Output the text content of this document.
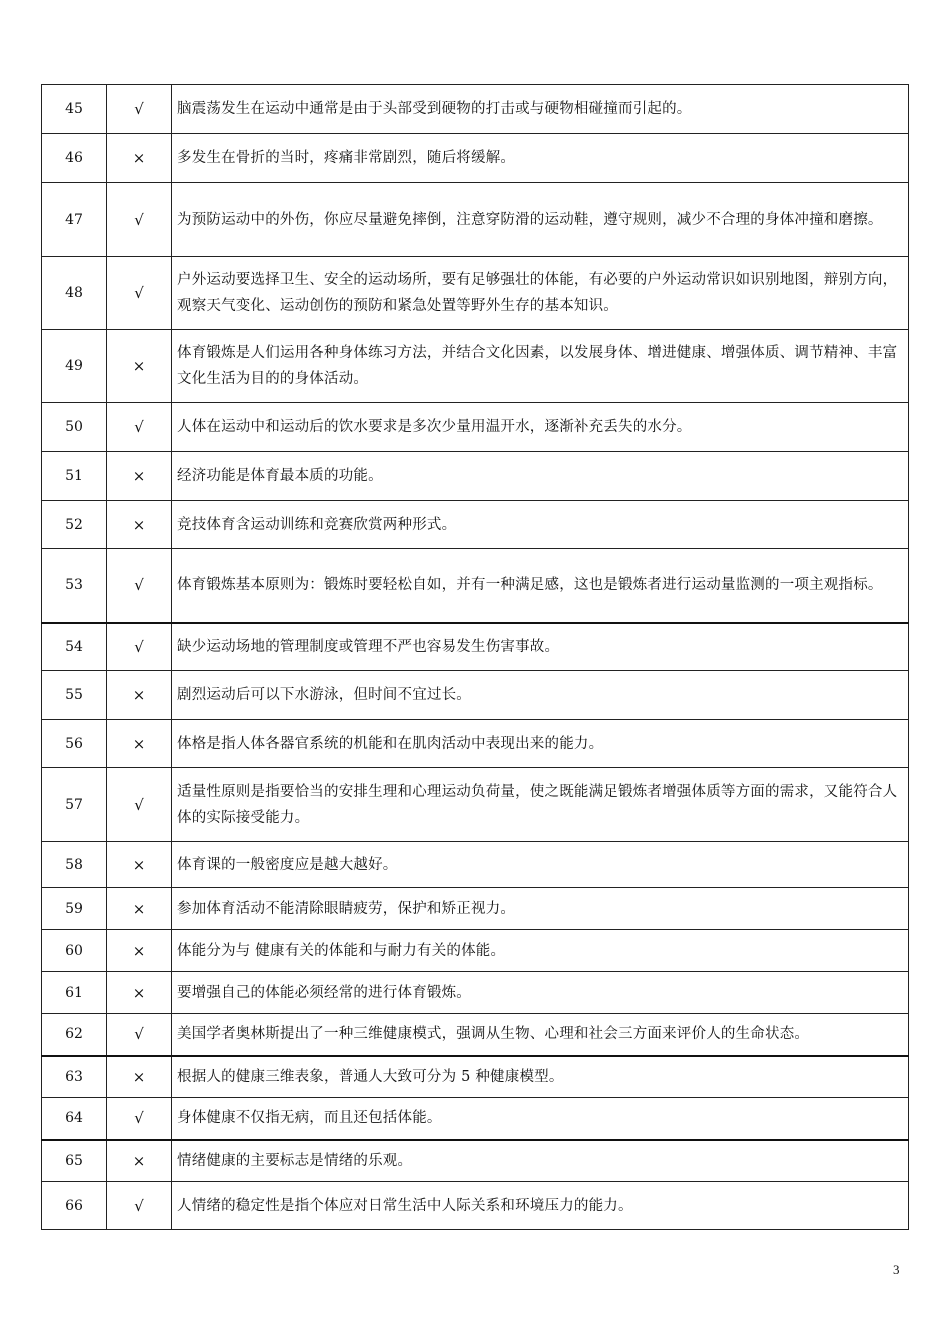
45	√	脑震荡发生在运动中通常是由于头部受到硬物的打击或与硬物相碰撞而引起的。
46	×	多发生在骨折的当时，疼痛非常剧烈，随后将缓解。
47	√	为预防运动中的外伤，你应尽量避免摔倒，注意穿防滑的运动鞋，遵守规则，减少不合理的身体冲撞和磨擦。
48	√	户外运动要选择卫生、安全的运动场所，要有足够强壮的体能，有必要的户外运动常识如识别地图，辩别方向，观察天气变化、运动创伤的预防和紧急处置等野外生存的基本知识。
49	×	体育锻炼是人们运用各种身体练习方法，并结合文化因素，以发展身体、增进健康、增强体质、调节精神、丰富文化生活为目的的身体活动。
50	√	人体在运动中和运动后的饮水要求是多次少量用温开水，逐渐补充丢失的水分。
51	×	经济功能是体育最本质的功能。
52	×	竞技体育含运动训练和竞赛欣赏两种形式。
53	√	体育锻炼基本原则为：锻炼时要轻松自如，并有一种满足感，这也是锻炼者进行运动量监测的一项主观指标。
54	√	缺少运动场地的管理制度或管理不严也容易发生伤害事故。
55	×	剧烈运动后可以下水游泳，但时间不宜过长。
56	×	体格是指人体各器官系统的机能和在肌肉活动中表现出来的能力。
57	√	适量性原则是指要恰当的安排生理和心理运动负荷量，使之既能满足锻炼者增强体质等方面的需求，又能符合人体的实际接受能力。
58	×	体育课的一般密度应是越大越好。
59	×	参加体育活动不能清除眼睛疲劳，保护和矫正视力。
60	×	体能分为与 健康有关的体能和与耐力有关的体能。
61	×	要增强自己的体能必须经常的进行体育锻炼。
62	√	美国学者奥林斯提出了一种三维健康模式，强调从生物、心理和社会三方面来评价人的生命状态。
63	×	根据人的健康三维表象，普通人大致可分为 5 种健康模型。
64	√	身体健康不仅指无病，而且还包括体能。
65	×	情绪健康的主要标志是情绪的乐观。
66	√	人情绪的稳定性是指个体应对日常生活中人际关系和环境压力的能力。
3
